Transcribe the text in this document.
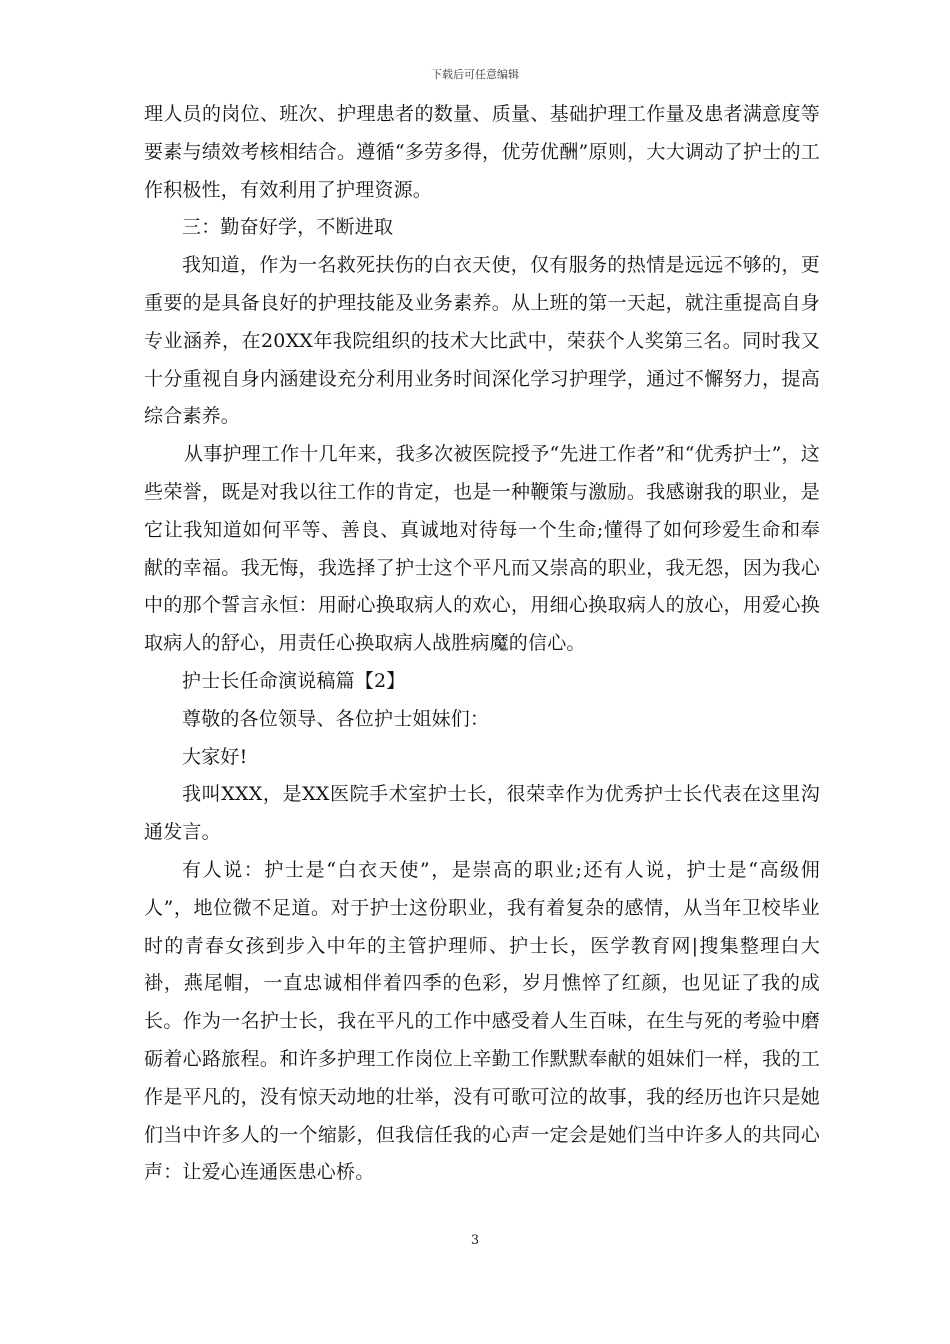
下载后可任意编辑

理人员的岗位、班次、护理患者的数量、质量、基础护理工作量及患者满意度等要素与绩效考核相结合。遵循“多劳多得，优劳优酬”原则，大大调动了护士的工作积极性，有效利用了护理资源。

三：勤奋好学，不断进取

我知道，作为一名救死扶伤的白衣天使，仅有服务的热情是远远不够的，更重要的是具备良好的护理技能及业务素养。从上班的第一天起，就注重提高自身专业涵养，在20XX年我院组织的技术大比武中，荣获个人奖第三名。同时我又十分重视自身内涵建设充分利用业务时间深化学习护理学，通过不懈努力，提高综合素养。

从事护理工作十几年来，我多次被医院授予“先进工作者”和“优秀护士”，这些荣誉，既是对我以往工作的肯定，也是一种鞭策与激励。我感谢我的职业，是它让我知道如何平等、善良、真诚地对待每一个生命;懂得了如何珍爱生命和奉献的幸福。我无悔，我选择了护士这个平凡而又崇高的职业，我无怨，因为我心中的那个誓言永恒：用耐心换取病人的欢心，用细心换取病人的放心，用爱心换取病人的舒心，用责任心换取病人战胜病魔的信心。

护士长任命演说稿篇【2】

尊敬的各位领导、各位护士姐妹们：

大家好!

我叫XXX，是XX医院手术室护士长，很荣幸作为优秀护士长代表在这里沟通发言。

有人说：护士是“白衣天使”，是崇高的职业;还有人说，护士是“高级佣人”，地位微不足道。对于护士这份职业，我有着复杂的感情，从当年卫校毕业时的青春女孩到步入中年的主管护理师、护士长，医学教育网|搜集整理白大褂，燕尾帽，一直忠诚相伴着四季的色彩，岁月憔悴了红颜，也见证了我的成长。作为一名护士长，我在平凡的工作中感受着人生百味，在生与死的考验中磨砺着心路旅程。和许多护理工作岗位上辛勤工作默默奉献的姐妹们一样，我的工作是平凡的，没有惊天动地的壮举，没有可歌可泣的故事，我的经历也许只是她们当中许多人的一个缩影，但我信任我的心声一定会是她们当中许多人的共同心声：让爱心连通医患心桥。

3
